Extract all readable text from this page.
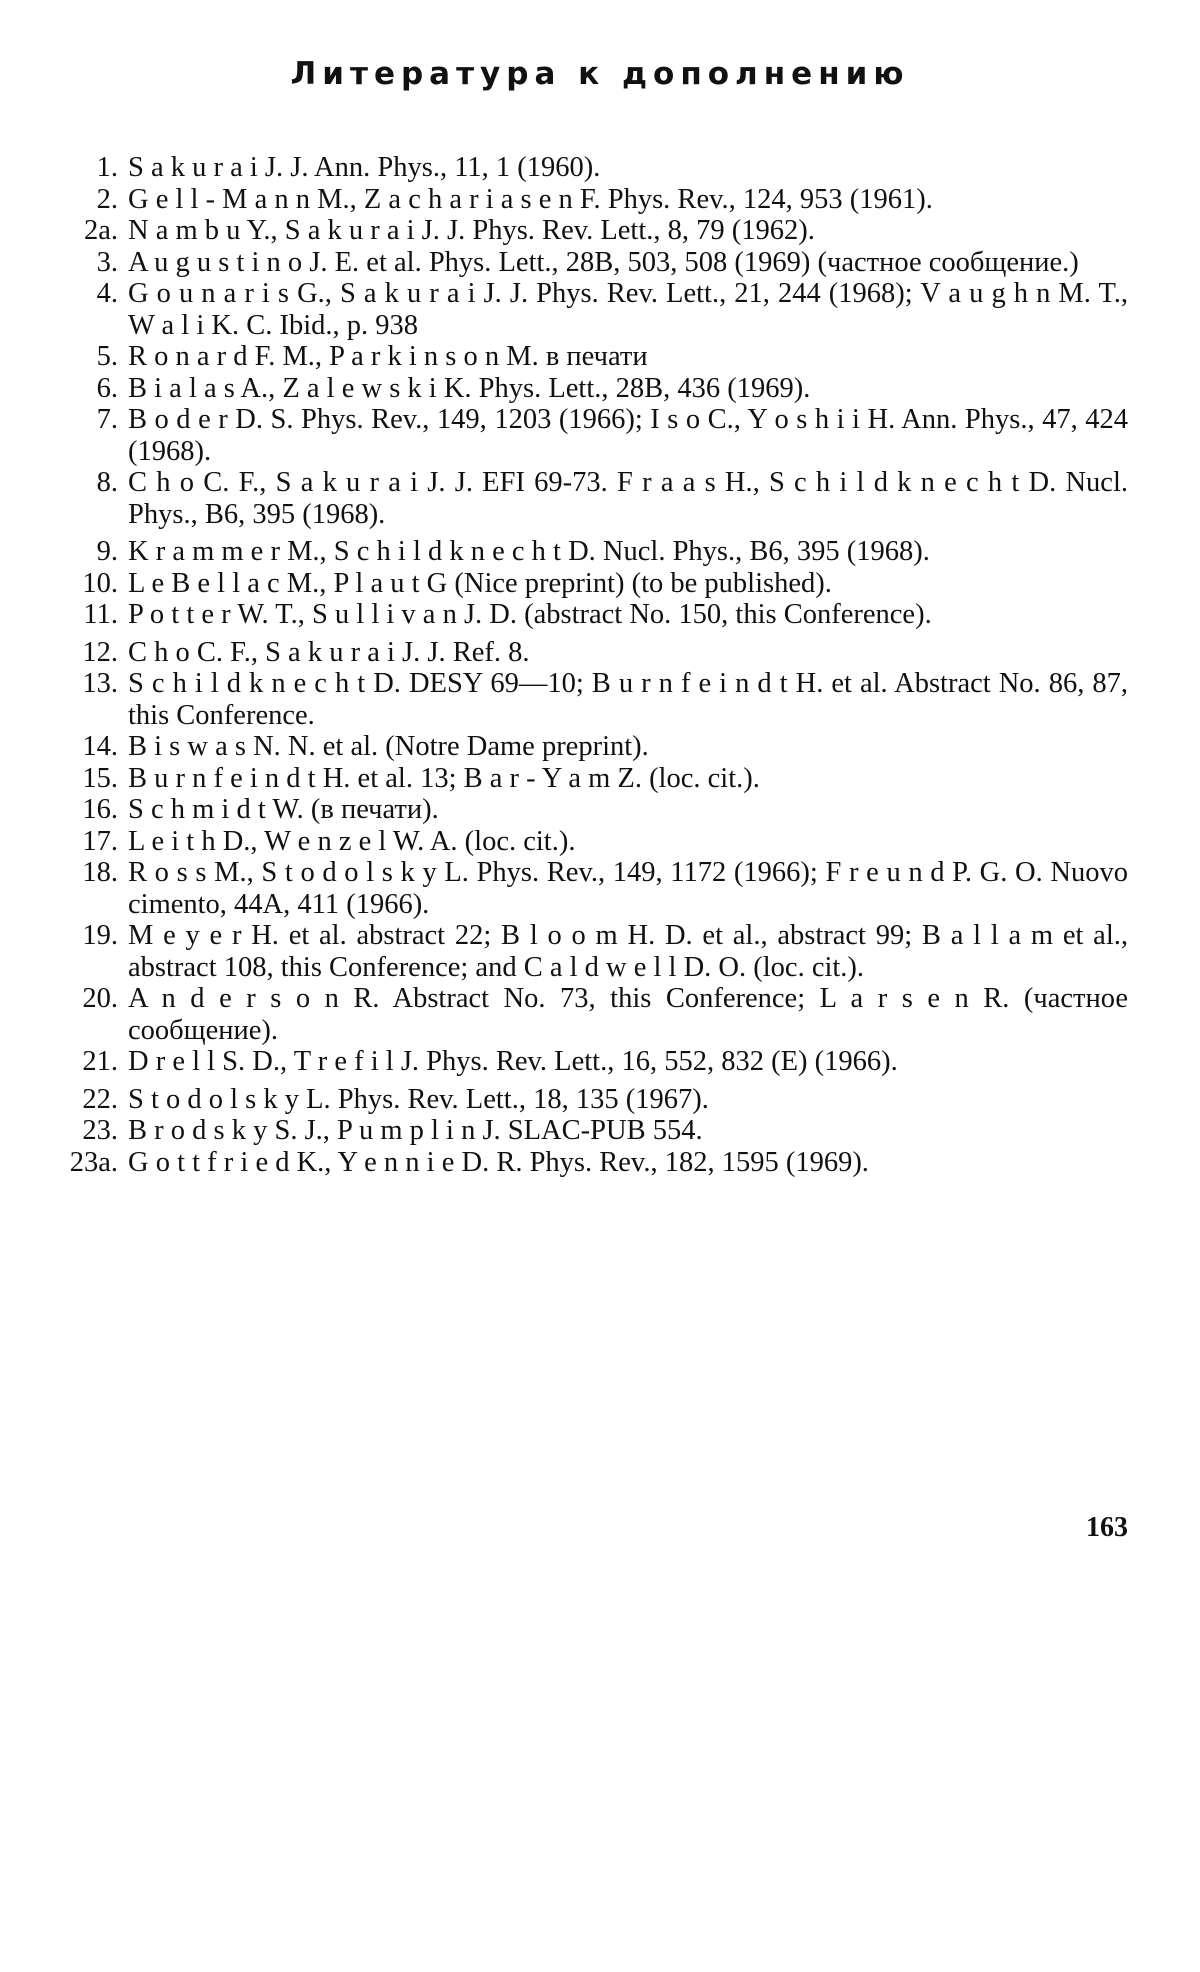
Литература к дополнению
1. S a k u r a i J. J. Ann. Phys., 11, 1 (1960).
2. G e l l - M a n n M., Z a c h a r i a s e n F. Phys. Rev., 124, 953 (1961).
2a. N a m b u Y., S a k u r a i J. J. Phys. Rev. Lett., 8, 79 (1962).
3. A u g u s t i n o J. E. et al. Phys. Lett., 28B, 503, 508 (1969) (частное сообщение.)
4. G o u n a r i s G., S a k u r a i J. J. Phys. Rev. Lett., 21, 244 (1968); V a u g h n M. T., W a l i K. C. Ibid., p. 938
5. R o n a r d F. M., P a r k i n s o n M. в печати
6. B i a l a s A., Z a l e w s k i K. Phys. Lett., 28B, 436 (1969).
7. B o d e r D. S. Phys. Rev., 149, 1203 (1966); I s o C., Y o s h i i H. Ann. Phys., 47, 424 (1968).
8. C h o C. F., S a k u r a i J. J. EFI 69-73. F r a a s H., S c h i l d k n e c h t D. Nucl. Phys., B6, 395 (1968).
9. K r a m m e r M., S c h i l d k n e c h t D. Nucl. Phys., B6, 395 (1968).
10. L e B e l l a c M., P l a u t G (Nice preprint) (to be published).
11. P o t t e r W. T., S u l l i v a n J. D. (abstract No. 150, this Conference).
12. C h o C. F., S a k u r a i J. J. Ref. 8.
13. S c h i l d k n e c h t D. DESY 69—10; B u r n f e i n d t H. et al. Abstract No. 86, 87, this Conference.
14. B i s w a s N. N. et al. (Notre Dame preprint).
15. B u r n f e i n d t H. et al. 13; B a r - Y a m Z. (loc. cit.).
16. S c h m i d t W. (в печати).
17. L e i t h D., W e n z e l W. A. (loc. cit.).
18. R o s s M., S t o d o l s k y L. Phys. Rev., 149, 1172 (1966); F r e u n d P. G. O. Nuovo cimento, 44A, 411 (1966).
19. M e y e r H. et al. abstract 22; B l o o m H. D. et al., abstract 99; B a l l a m et al., abstract 108, this Conference; and C a l d w e l l D. O. (loc. cit.).
20. A n d e r s o n R. Abstract No. 73, this Conference; L a r s e n R. (частное сообщение).
21. D r e l l S. D., T r e f i l J. Phys. Rev. Lett., 16, 552, 832 (E) (1966).
22. S t o d o l s k y L. Phys. Rev. Lett., 18, 135 (1967).
23. B r o d s k y S. J., P u m p l i n J. SLAC-PUB 554.
23a. G o t t f r i e d K., Y e n n i e D. R. Phys. Rev., 182, 1595 (1969).
163
